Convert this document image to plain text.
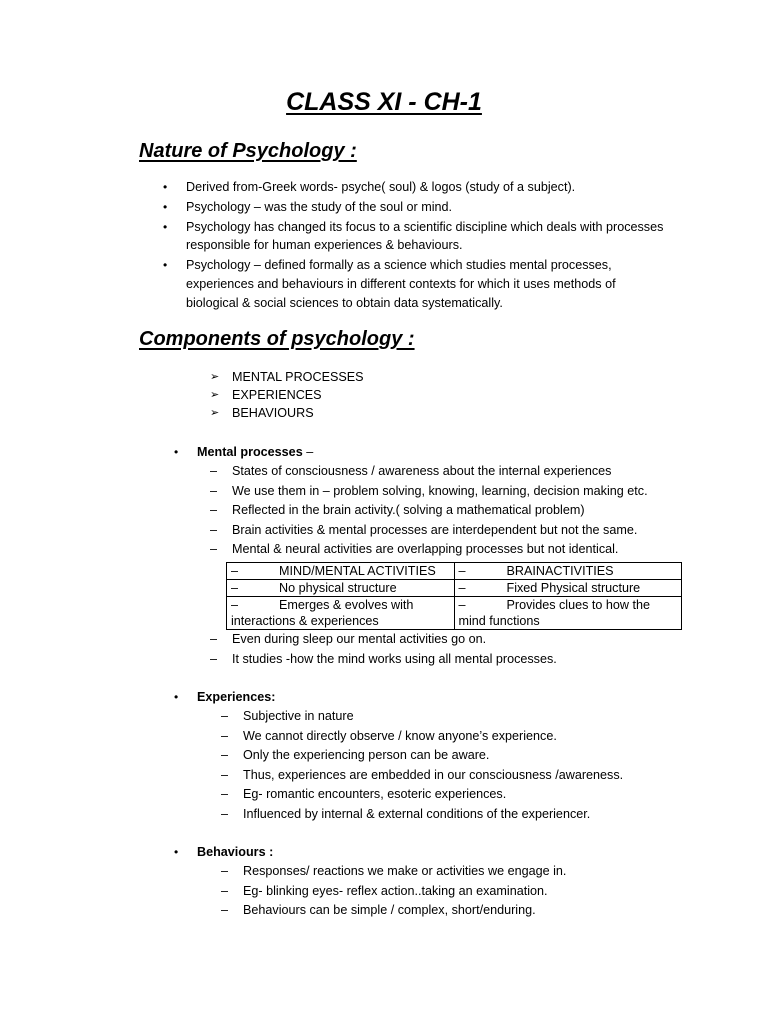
CLASS XI - CH-1
Nature of Psychology :
• Derived from-Greek words- psyche( soul) & logos (study of a subject).
• Psychology – was the study of the soul or mind.
• Psychology has changed its focus to a scientific discipline which deals with processes
responsible for human experiences & behaviours.
• Psychology – defined formally as a science which studies mental processes,
experiences and behaviours in different contexts for which it uses methods of
biological & social sciences to obtain data systematically.
Components of psychology :
➢ MENTAL PROCESSES
➢ EXPERIENCES
➢ BEHAVIOURS
• Mental processes –
– States of consciousness / awareness about the internal experiences
– We use them in – problem solving, knowing, learning, decision making etc.
– Reflected in the brain activity.( solving a mathematical problem)
– Brain activities & mental processes are interdependent but not the same.
– Mental & neural activities are overlapping processes but not identical.
– MIND/MENTAL ACTIVITIES	– BRAINACTIVITIES
– No physical structure	– Fixed Physical structure
– Emerges & evolves with interactions & experiences	– Provides clues to how the mind functions
– Even during sleep our mental activities go on.
– It studies -how the mind works using all mental processes.
• Experiences:
– Subjective in nature
– We cannot directly observe / know anyone’s experience.
– Only the experiencing person can be aware.
– Thus, experiences are embedded in our consciousness /awareness.
– Eg- romantic encounters, esoteric experiences.
– Influenced by internal & external conditions of the experiencer.
• Behaviours :
– Responses/ reactions we make or activities we engage in.
– Eg- blinking eyes- reflex action..taking an examination.
– Behaviours can be simple / complex, short/enduring.
